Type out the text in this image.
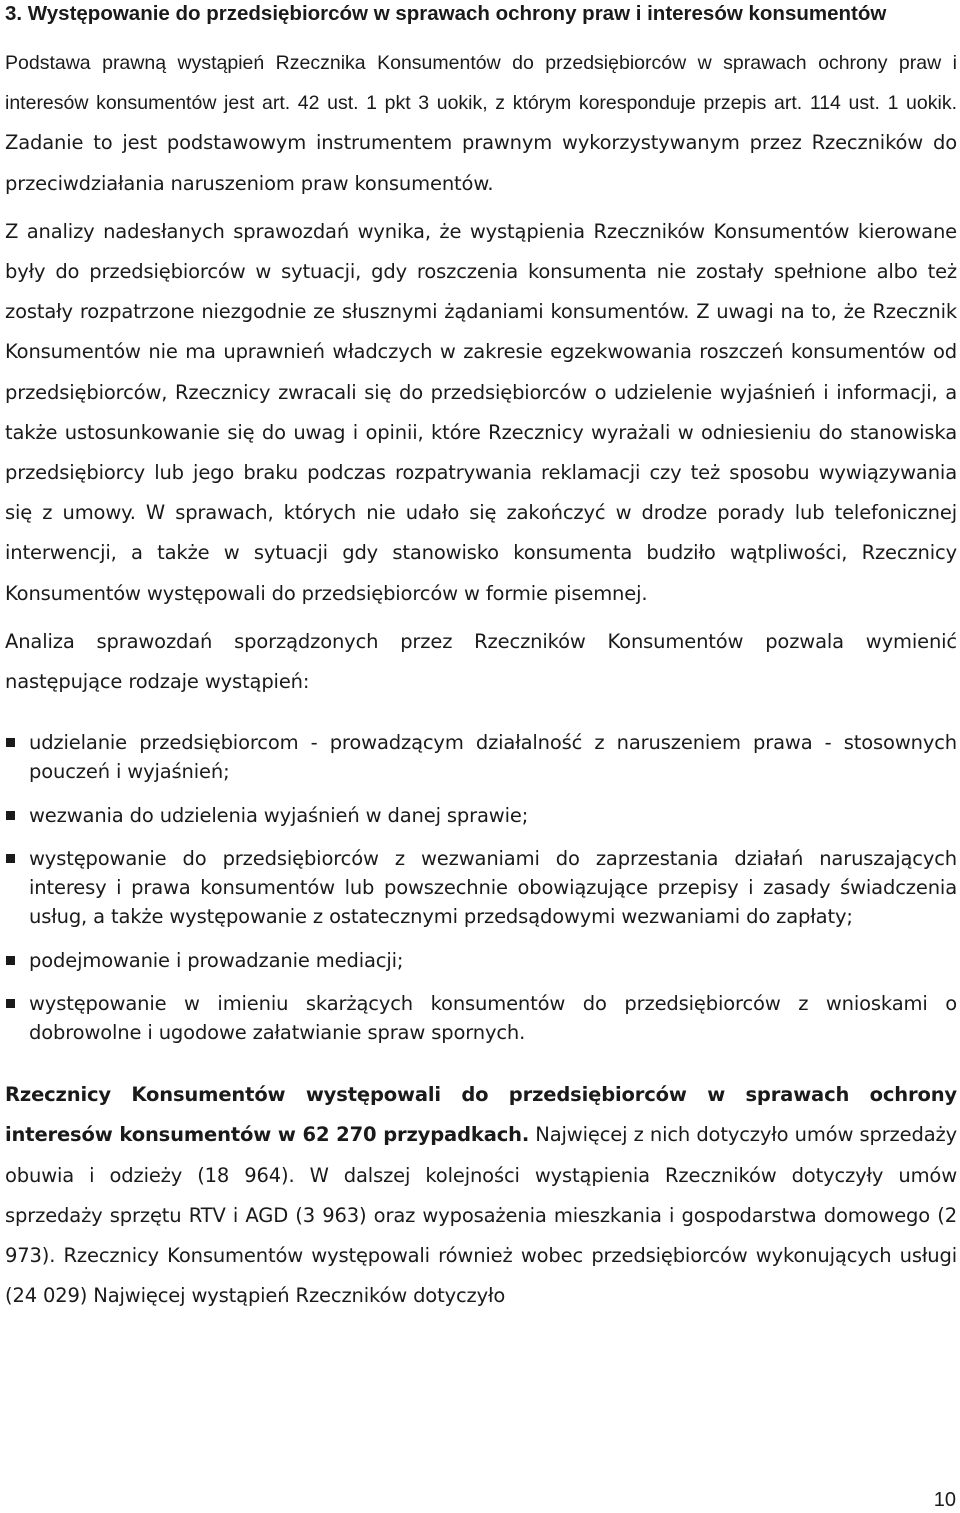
3. Występowanie do przedsiębiorców w sprawach ochrony praw i interesów konsumentów

Podstawa prawną wystąpień Rzecznika Konsumentów do przedsiębiorców w sprawach ochrony praw i interesów konsumentów jest art. 42 ust. 1 pkt 3 uokik, z którym koresponduje przepis art. 114 ust. 1 uokik. Zadanie to jest podstawowym instrumentem prawnym wykorzystywanym przez Rzeczników do przeciwdziałania naruszeniom praw konsumentów.

Z analizy nadesłanych sprawozdań wynika, że wystąpienia Rzeczników Konsumentów kierowane były do przedsiębiorców w sytuacji, gdy roszczenia konsumenta nie zostały spełnione albo też zostały rozpatrzone niezgodnie ze słusznymi żądaniami konsumentów. Z uwagi na to, że Rzecznik Konsumentów nie ma uprawnień władczych w zakresie egzekwowania roszczeń konsumentów od przedsiębiorców, Rzecznicy zwracali się do przedsiębiorców o udzielenie wyjaśnień i informacji, a także ustosunkowanie się do uwag i opinii, które Rzecznicy wyrażali w odniesieniu do stanowiska przedsiębiorcy lub jego braku podczas rozpatrywania reklamacji czy też sposobu wywiązywania się z umowy. W sprawach, których nie udało się zakończyć w drodze porady lub telefonicznej interwencji, a także w sytuacji gdy stanowisko konsumenta budziło wątpliwości, Rzecznicy Konsumentów występowali do przedsiębiorców w formie pisemnej.

Analiza sprawozdań sporządzonych przez Rzeczników Konsumentów pozwala wymienić następujące rodzaje wystąpień:

udzielanie przedsiębiorcom - prowadzącym działalność z naruszeniem prawa - stosownych pouczeń i wyjaśnień;
wezwania do udzielenia wyjaśnień w danej sprawie;
występowanie do przedsiębiorców z wezwaniami do zaprzestania działań naruszających interesy i prawa konsumentów lub powszechnie obowiązujące przepisy i zasady świadczenia usług, a także występowanie z ostatecznymi przedsądowymi wezwaniami do zapłaty;
podejmowanie i prowadzanie mediacji;
występowanie w imieniu skarżących konsumentów do przedsiębiorców z wnioskami o dobrowolne i ugodowe załatwianie spraw spornych.

Rzecznicy Konsumentów występowali do przedsiębiorców w sprawach ochrony interesów konsumentów w 62 270 przypadkach. Najwięcej z nich dotyczyło umów sprzedaży obuwia i odzieży (18 964). W dalszej kolejności wystąpienia Rzeczników dotyczyły umów sprzedaży sprzętu RTV i AGD (3 963) oraz wyposażenia mieszkania i gospodarstwa domowego (2 973). Rzecznicy Konsumentów występowali również wobec przedsiębiorców wykonujących usługi (24 029) Najwięcej wystąpień Rzeczników dotyczyło

10
